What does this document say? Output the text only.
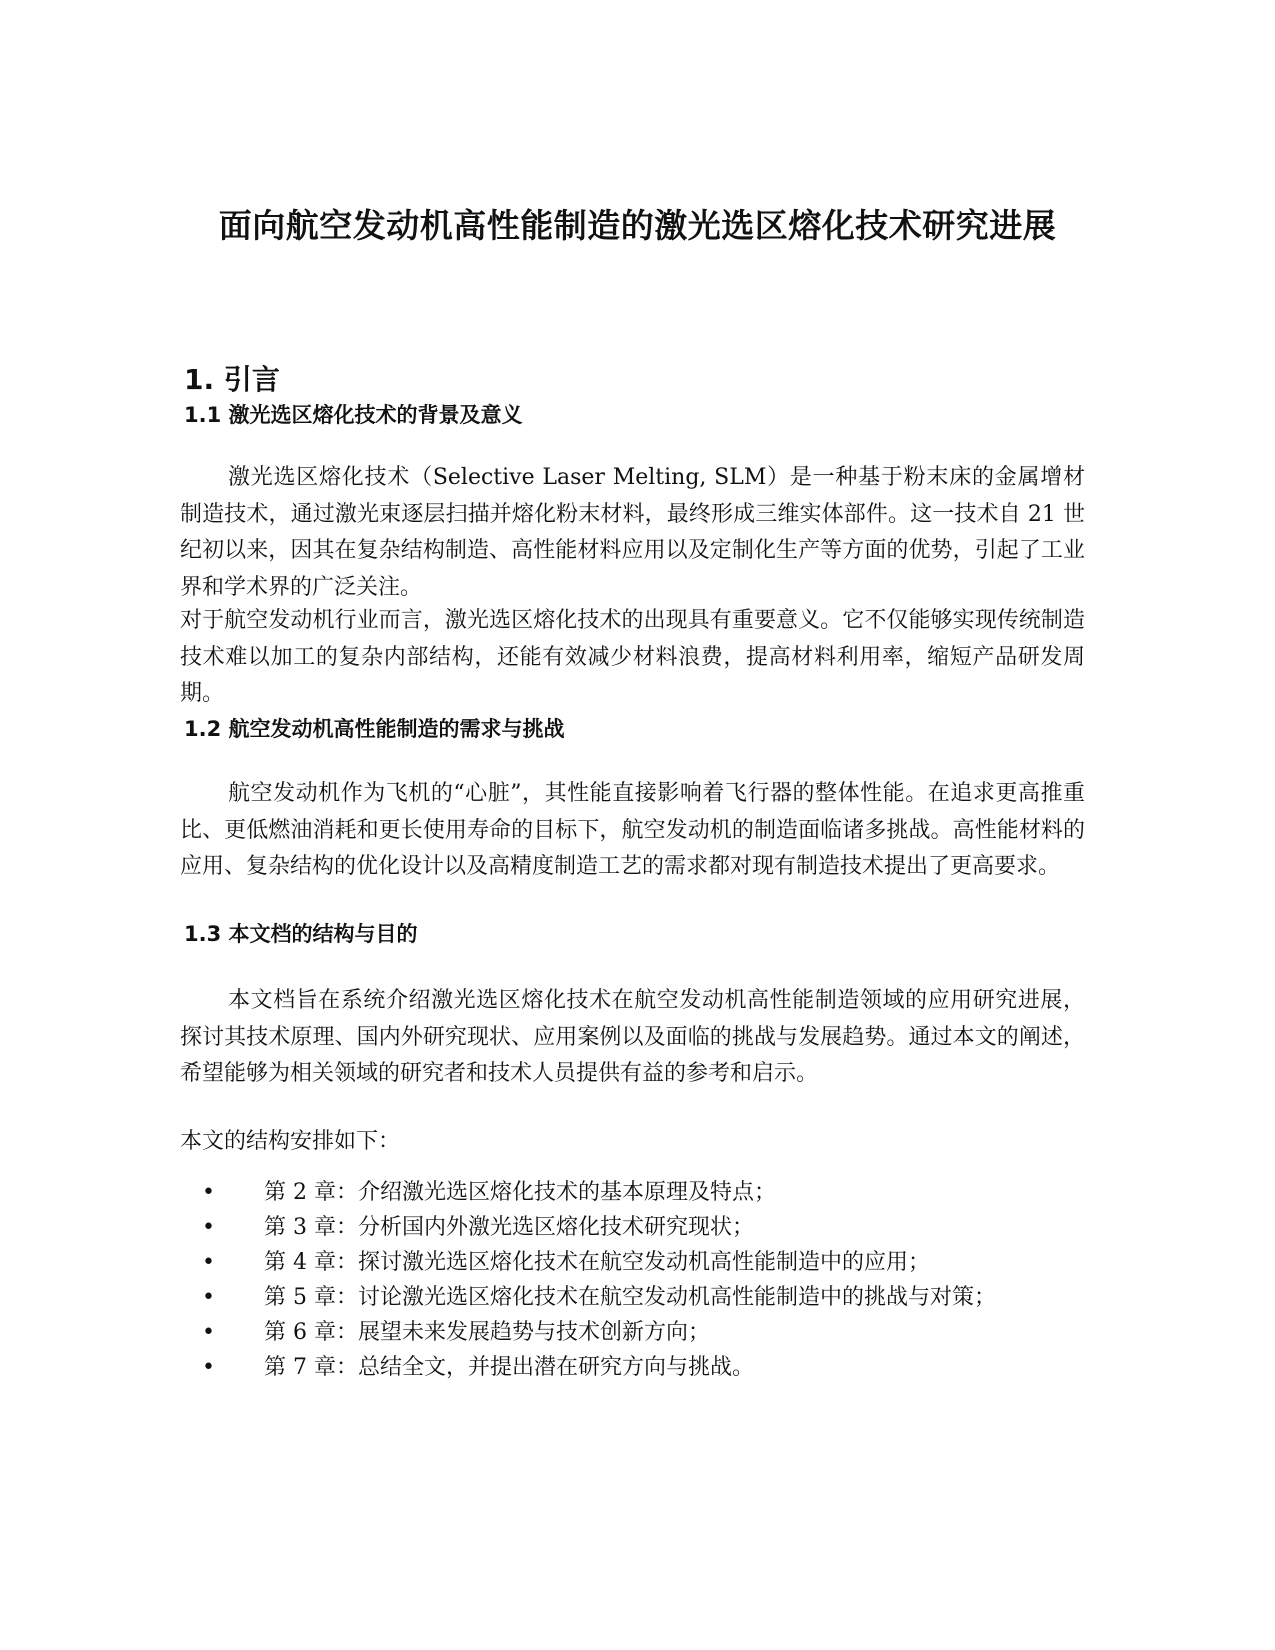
面向航空发动机高性能制造的激光选区熔化技术研究进展
1. 引言
1.1 激光选区熔化技术的背景及意义

激光选区熔化技术（Selective Laser Melting, SLM）是一种基于粉末床的金属增材制造技术，通过激光束逐层扫描并熔化粉末材料，最终形成三维实体部件。这一技术自 21 世纪初以来，因其在复杂结构制造、高性能材料应用以及定制化生产等方面的优势，引起了工业界和学术界的广泛关注。

对于航空发动机行业而言，激光选区熔化技术的出现具有重要意义。它不仅能够实现传统制造技术难以加工的复杂内部结构，还能有效减少材料浪费，提高材料利用率，缩短产品研发周期。

1.2 航空发动机高性能制造的需求与挑战

航空发动机作为飞机的“心脏”，其性能直接影响着飞行器的整体性能。在追求更高推重比、更低燃油消耗和更长使用寿命的目标下，航空发动机的制造面临诸多挑战。高性能材料的应用、复杂结构的优化设计以及高精度制造工艺的需求都对现有制造技术提出了更高要求。

1.3 本文档的结构与目的

本文档旨在系统介绍激光选区熔化技术在航空发动机高性能制造领域的应用研究进展，探讨其技术原理、国内外研究现状、应用案例以及面临的挑战与发展趋势。通过本文的阐述，希望能够为相关领域的研究者和技术人员提供有益的参考和启示。

本文的结构安排如下：

• 第 2 章：介绍激光选区熔化技术的基本原理及特点；
• 第 3 章：分析国内外激光选区熔化技术研究现状；
• 第 4 章：探讨激光选区熔化技术在航空发动机高性能制造中的应用；
• 第 5 章：讨论激光选区熔化技术在航空发动机高性能制造中的挑战与对策；
• 第 6 章：展望未来发展趋势与技术创新方向；
• 第 7 章：总结全文，并提出潜在研究方向与挑战。
